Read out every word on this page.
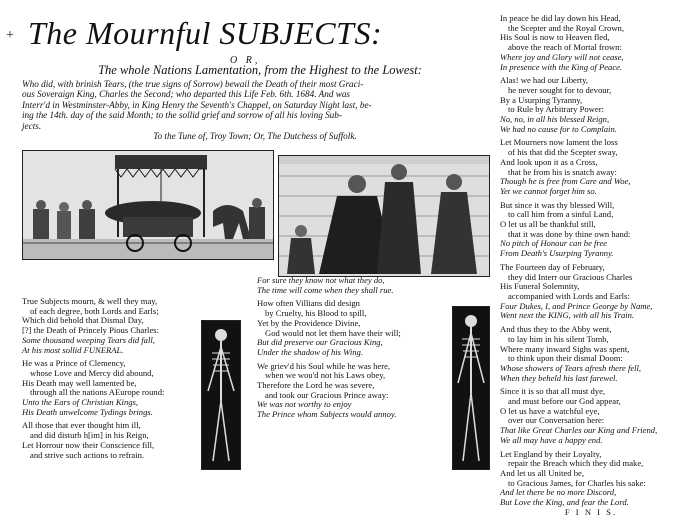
+ The Mournful SUBJECTS:
O R,
The whole Nations Lamentation, from the Highest to the Lowest:

Who did, with brinish Tears, (the true signs of Sorrow) bewail the Death of their most Graci-

ous Soveraign King, Charles the Second; who departed this Life Feb. 6th. 1684. And was

Interr'd in Westminster-Abby, in King Henry the Seventh's Chappel, on Saturday Night last, be-

ing the 14th. day of the said Month; to the sollid grief and sorrow of all his loving Sub-

jects.

To the Tune of, Troy Town; Or, The Dutchess of Suffolk.

True Subjects mourn, & well they may,
of each degree, both Lords and Earls;
Which did behold that Dismal Day,
[?] the Death of Princely Pious Charles:
Some thousand weeping Tears did fall,
At his most sollid FUNERAL.
He was a Prince of Clemency,
whose Love and Mercy did abound,
His Death may well lamented be,
through all the nations AEurope round:
Unto the Ears of Christian Kings,
His Death unwelcome Tydings brings.
All those that ever thought him ill,
and did disturb h[im] in his Reign,
Let Horrour now their Conscience fill,
and strive such actions to refrain.
For sure they know not what they do,
The time will come when they shall rue.
How often Villians did design
by Cruelty, his Blood to spill,
Yet by the Providence Divine,
God would not let them have their will;
But did preserve our Gracious King,
Under the shadow of his Wing.
We griev'd his Soul while he was here,
when we wou'd not his Laws obey,
Therefore the Lord he was severe,
and took our Gracious Prince away:
We was not worthy to enjoy
The Prince whom Subjects would annoy.
In peace he did lay down his Head,
the Scepter and the Royal Crown,
His Soul is now to Heaven fled,
above the reach of Mortal frown:
Where joy and Glory will not cease,
In presence with the King of Peace.
Alas! we had our Liberty,
he never sought for to devour,
By a Usurping Tyranny,
to Rule by Arbitrary Power:
No, no, in all his blessed Reign,
We had no cause for to Complain.
Let Mourners now lament the loss
of his that did the Scepter sway,
And look upon it as a Cross,
that he from his is snatch away:
Though he is free from Care and Woe,
Yet we cannot forget him so.
But since it was thy blessed Will,
to call him from a sinful Land,
O let us all be thankful still,
that it was done by thine own hand:
No pitch of Honour can be free
From Death's Usurping Tyranny.
The Fourteen day of February,
they did Interr our Gracious Charles
His Funeral Solemnity,
accompanied with Lords and Earls:
Four Dukes, I, and Prince George by Name,
Went next the KING, with all his Train.
And thus they to the Abby went,
to lay him in his silent Tomb,
Where many inward Sighs was spent,
to think upon their dismal Doom:
Whose showers of Tears afresh there fell,
When they beheld his last farewel.
Since it is so that all must dye,
and must before our God appear,
O let us have a watchful eye,
over our Conversation here:
That like Great Charles our King and Friend,
We all may have a happy end.
Let England by their Loyalty,
repair the Breach which they did make,
And let us all United be,
to Gracious James, for Charles his sake:
And let there be no more Discord,
But Love the King, and fear the Lord.
F I N I S.
